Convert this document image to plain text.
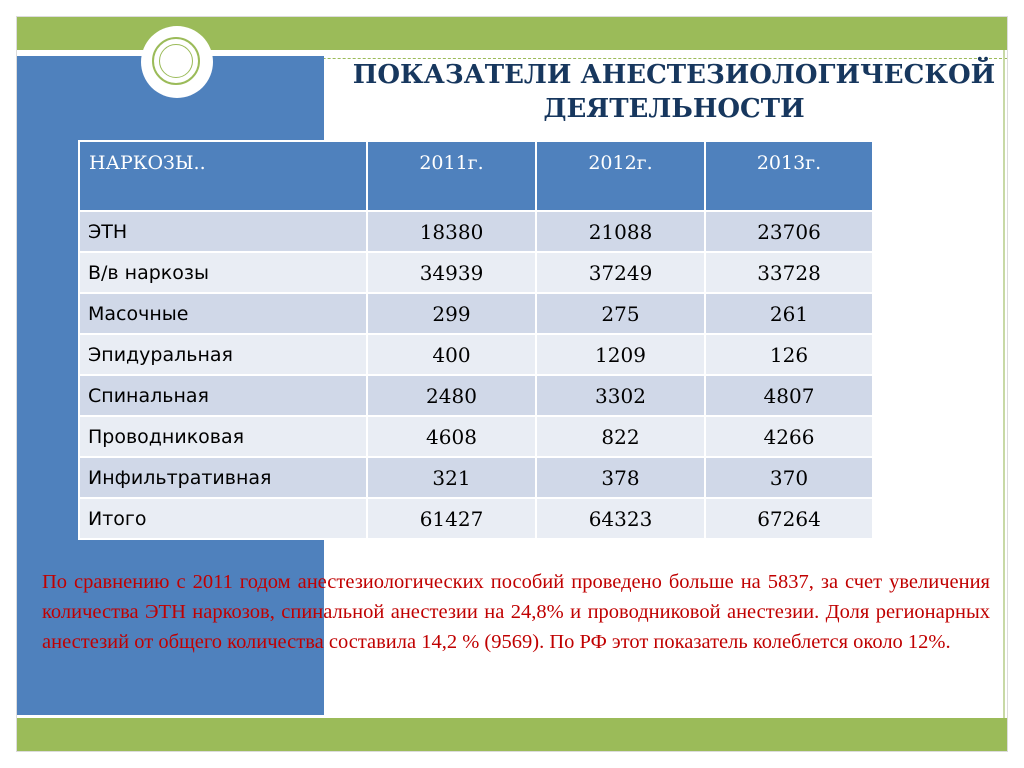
ПОКАЗАТЕЛИ АНЕСТЕЗИОЛОГИЧЕСКОЙ
ДЕЯТЕЛЬНОСТИ
НАРКОЗЫ..	2011г.	2012г.	2013г.
ЭТН	18380	21088	23706
В/в наркозы	34939	37249	33728
Масочные	299	275	261
Эпидуральная	400	1209	126
Спинальная	2480	3302	4807
Проводниковая	4608	822	4266
Инфильтративная	321	378	370
Итого	61427	64323	67264
По сравнению с 2011 годом анестезиологических пособий проведено больше на 5837, за счет увеличения количества ЭТН наркозов, спинальной анестезии на 24,8% и проводниковой анестезии. Доля регионарных анестезий от общего количества составила 14,2 % (9569). По РФ этот показатель колеблется около 12%.
